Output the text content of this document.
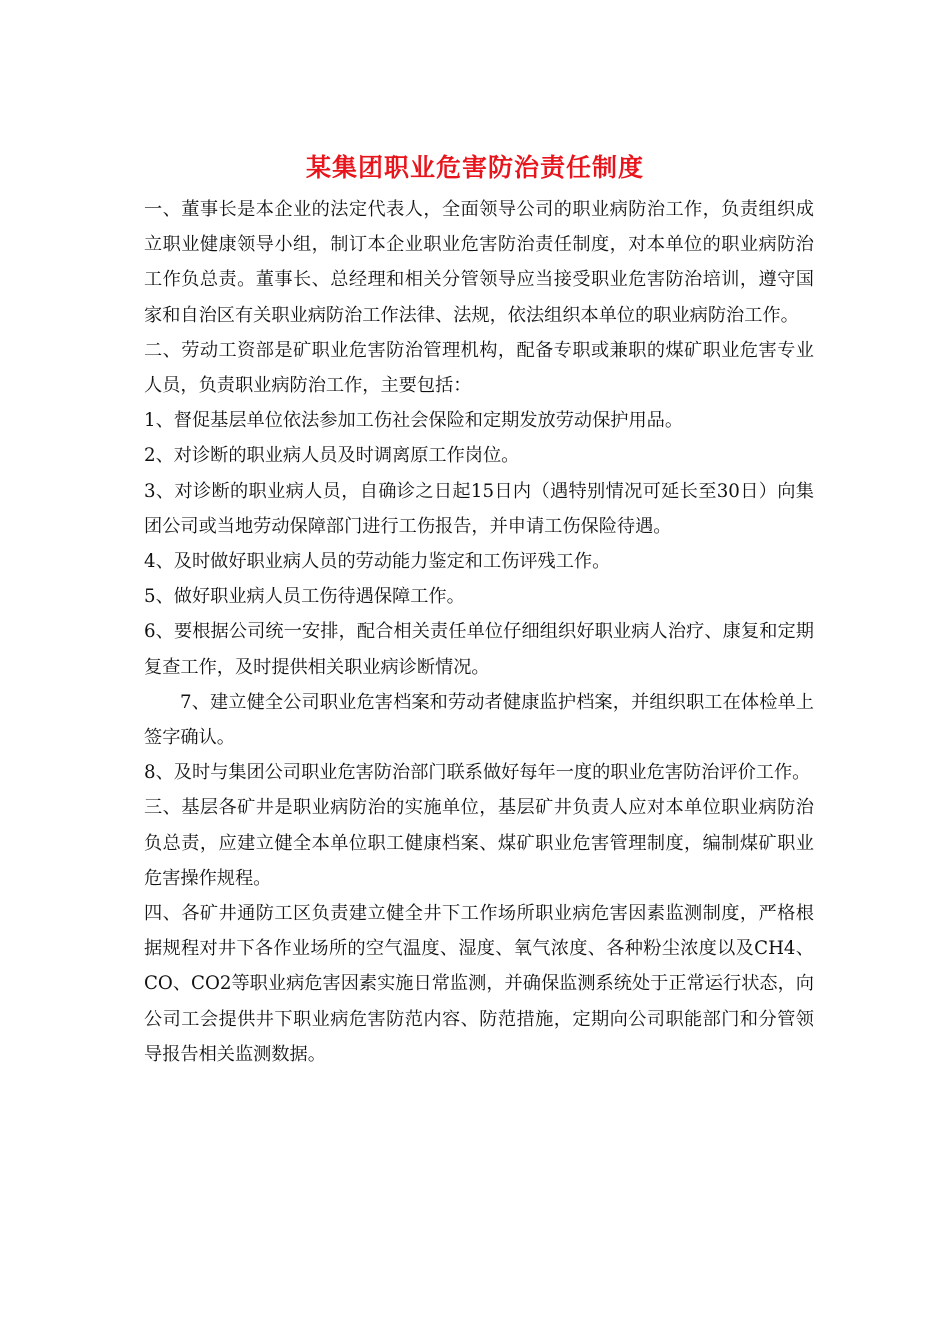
某集团职业危害防治责任制度

一、董事长是本企业的法定代表人，全面领导公司的职业病防治工作，负责组织成立职业健康领导小组，制订本企业职业危害防治责任制度，对本单位的职业病防治工作负总责。董事长、总经理和相关分管领导应当接受职业危害防治培训，遵守国家和自治区有关职业病防治工作法律、法规，依法组织本单位的职业病防治工作。

二、劳动工资部是矿职业危害防治管理机构，配备专职或兼职的煤矿职业危害专业人员，负责职业病防治工作，主要包括：

1、督促基层单位依法参加工伤社会保险和定期发放劳动保护用品。

2、对诊断的职业病人员及时调离原工作岗位。

3、对诊断的职业病人员，自确诊之日起15日内（遇特别情况可延长至30日）向集团公司或当地劳动保障部门进行工伤报告，并申请工伤保险待遇。

4、及时做好职业病人员的劳动能力鉴定和工伤评残工作。

5、做好职业病人员工伤待遇保障工作。

6、要根据公司统一安排，配合相关责任单位仔细组织好职业病人治疗、康复和定期复查工作，及时提供相关职业病诊断情况。

7、建立健全公司职业危害档案和劳动者健康监护档案，并组织职工在体检单上签字确认。

8、及时与集团公司职业危害防治部门联系做好每年一度的职业危害防治评价工作。

三、基层各矿井是职业病防治的实施单位，基层矿井负责人应对本单位职业病防治负总责，应建立健全本单位职工健康档案、煤矿职业危害管理制度，编制煤矿职业危害操作规程。

四、各矿井通防工区负责建立健全井下工作场所职业病危害因素监测制度，严格根据规程对井下各作业场所的空气温度、湿度、氧气浓度、各种粉尘浓度以及CH4、CO、CO2等职业病危害因素实施日常监测，并确保监测系统处于正常运行状态，向公司工会提供井下职业病危害防范内容、防范措施，定期向公司职能部门和分管领导报告相关监测数据。
